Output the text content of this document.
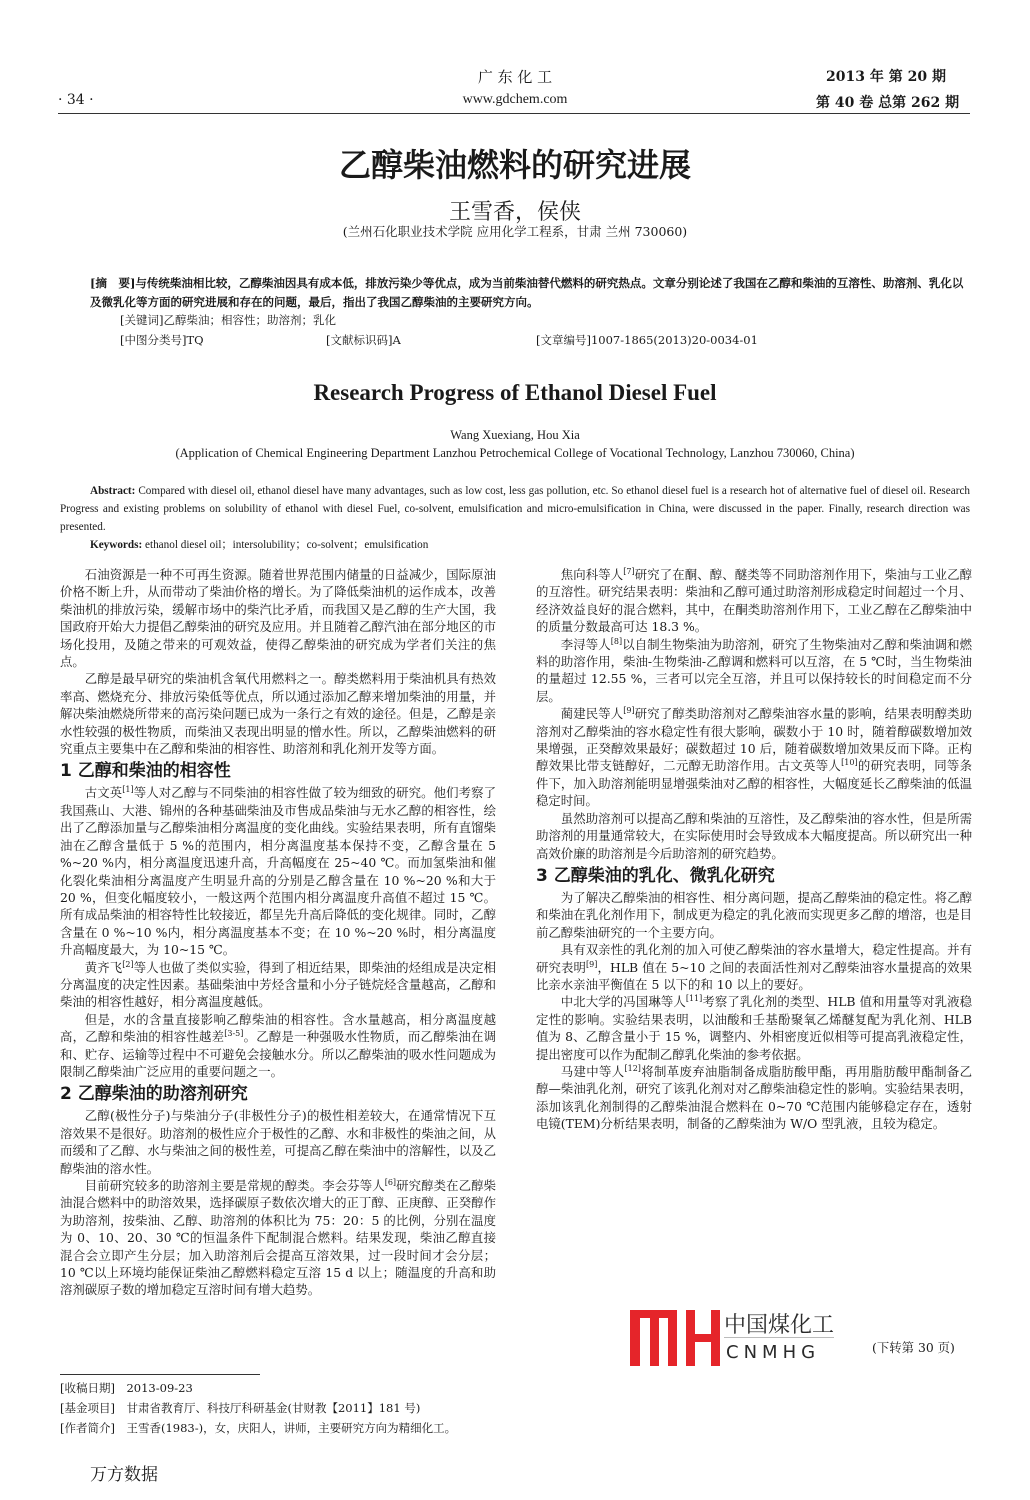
· 34 ·
广 东 化 工
www.gdchem.com
2013 年 第 20 期
第 40 卷 总第 262 期
乙醇柴油燃料的研究进展
王雪香，侯侠
(兰州石化职业技术学院 应用化学工程系，甘肃 兰州 730060)
[摘　要]与传统柴油相比较，乙醇柴油因具有成本低，排放污染少等优点，成为当前柴油替代燃料的研究热点。文章分别论述了我国在乙醇和柴油的互溶性、助溶剂、乳化以及微乳化等方面的研究进展和存在的问题，最后，指出了我国乙醇柴油的主要研究方向。
[关键词]乙醇柴油；相容性；助溶剂；乳化
[中图分类号]TQ	[文献标识码]A	[文章编号]1007-1865(2013)20-0034-01
Research Progress of Ethanol Diesel Fuel
Wang Xuexiang, Hou Xia
(Application of Chemical Engineering Department Lanzhou Petrochemical College of Vocational Technology, Lanzhou 730060, China)
Abstract: Compared with diesel oil, ethanol diesel have many advantages, such as low cost, less gas pollution, etc. So ethanol diesel fuel is a research hot of alternative fuel of diesel oil. Research Progress and existing problems on solubility of ethanol with diesel Fuel, co-solvent, emulsification and micro-emulsification in China, were discussed in the paper. Finally, research direction was presented.
Keywords: ethanol diesel oil；intersolubility；co-solvent；emulsification

石油资源是一种不可再生资源。随着世界范围内储量的日益减少，国际原油价格不断上升，从而带动了柴油价格的增长。为了降低柴油机的运作成本，改善柴油机的排放污染，缓解市场中的柴汽比矛盾，而我国又是乙醇的生产大国，我国政府开始大力提倡乙醇柴油的研究及应用。并且随着乙醇汽油在部分地区的市场化投用，及随之带来的可观效益，使得乙醇柴油的研究成为学者们关注的焦点。

乙醇是最早研究的柴油机含氧代用燃料之一。醇类燃料用于柴油机具有热效率高、燃烧充分、排放污染低等优点，所以通过添加乙醇来增加柴油的用量，并解决柴油燃烧所带来的高污染问题已成为一条行之有效的途径。但是，乙醇是亲水性较强的极性物质，而柴油又表现出明显的憎水性。所以，乙醇柴油燃料的研究重点主要集中在乙醇和柴油的相容性、助溶剂和乳化剂开发等方面。

1 乙醇和柴油的相容性

古文英[1]等人对乙醇与不同柴油的相容性做了较为细致的研究。他们考察了我国燕山、大港、锦州的各种基础柴油及市售成品柴油与无水乙醇的相容性，绘出了乙醇添加量与乙醇柴油相分离温度的变化曲线。实验结果表明，所有直馏柴油在乙醇含量低于 5 %的范围内，相分离温度基本保持不变，乙醇含量在 5 %~20 %内，相分离温度迅速升高，升高幅度在 25~40 ℃。而加氢柴油和催化裂化柴油相分离温度产生明显升高的分别是乙醇含量在 10 %~20 %和大于 20 %，但变化幅度较小，一般这两个范围内相分离温度升高值不超过 15 ℃。所有成品柴油的相容特性比较接近，都呈先升高后降低的变化规律。同时，乙醇含量在 0 %~10 %内，相分离温度基本不变；在 10 %~20 %时，相分离温度升高幅度最大，为 10~15 ℃。

黄齐飞[2]等人也做了类似实验，得到了相近结果，即柴油的烃组成是决定相分离温度的决定性因素。基础柴油中芳烃含量和小分子链烷烃含量越高，乙醇和柴油的相容性越好，相分离温度越低。

但是，水的含量直接影响乙醇柴油的相容性。含水量越高，相分离温度越高，乙醇和柴油的相容性越差[3-5]。乙醇是一种强吸水性物质，而乙醇柴油在调和、贮存、运输等过程中不可避免会接触水分。所以乙醇柴油的吸水性问题成为限制乙醇柴油广泛应用的重要问题之一。

2 乙醇柴油的助溶剂研究

乙醇(极性分子)与柴油分子(非极性分子)的极性相差较大，在通常情况下互溶效果不是很好。助溶剂的极性应介于极性的乙醇、水和非极性的柴油之间，从而缓和了乙醇、水与柴油之间的极性差，可提高乙醇在柴油中的溶解性，以及乙醇柴油的溶水性。

目前研究较多的助溶剂主要是常规的醇类。李会芬等人[6]研究醇类在乙醇柴油混合燃料中的助溶效果，选择碳原子数依次增大的正丁醇、正庚醇、正癸醇作为助溶剂，按柴油、乙醇、助溶剂的体积比为 75：20：5 的比例，分别在温度为 0、10、20、30 ℃的恒温条件下配制混合燃料。结果发现，柴油乙醇直接混合会立即产生分层；加入助溶剂后会提高互溶效果，过一段时间才会分层；10 ℃以上环境均能保证柴油乙醇燃料稳定互溶 15 d 以上；随温度的升高和助溶剂碳原子数的增加稳定互溶时间有增大趋势。

焦向科等人[7]研究了在酮、醇、醚类等不同助溶剂作用下，柴油与工业乙醇的互溶性。研究结果表明：柴油和乙醇可通过助溶剂形成稳定时间超过一个月、经济效益良好的混合燃料，其中，在酮类助溶剂作用下，工业乙醇在乙醇柴油中的质量分数最高可达 18.3 %。

李浔等人[8]以自制生物柴油为助溶剂，研究了生物柴油对乙醇和柴油调和燃料的助溶作用，柴油-生物柴油-乙醇调和燃料可以互溶，在 5 ℃时，当生物柴油的量超过 12.55 %，三者可以完全互溶，并且可以保持较长的时间稳定而不分层。

蔺建民等人[9]研究了醇类助溶剂对乙醇柴油容水量的影响，结果表明醇类助溶剂对乙醇柴油的容水稳定性有很大影响，碳数小于 10 时，随着醇碳数增加效果增强，正癸醇效果最好；碳数超过 10 后，随着碳数增加效果反而下降。正构醇效果比带支链醇好，二元醇无助溶作用。古文英等人[10]的研究表明，同等条件下，加入助溶剂能明显增强柴油对乙醇的相容性，大幅度延长乙醇柴油的低温稳定时间。

虽然助溶剂可以提高乙醇和柴油的互溶性，及乙醇柴油的容水性，但是所需助溶剂的用量通常较大，在实际使用时会导致成本大幅度提高。所以研究出一种高效价廉的助溶剂是今后助溶剂的研究趋势。

3 乙醇柴油的乳化、微乳化研究

为了解决乙醇柴油的相容性、相分离问题，提高乙醇柴油的稳定性。将乙醇和柴油在乳化剂作用下，制成更为稳定的乳化液而实现更多乙醇的增溶，也是目前乙醇柴油研究的一个主要方向。

具有双亲性的乳化剂的加入可使乙醇柴油的容水量增大，稳定性提高。并有研究表明[9]，HLB 值在 5~10 之间的表面活性剂对乙醇柴油容水量提高的效果比亲水亲油平衡值在 5 以下的和 10 以上的要好。

中北大学的冯国琳等人[11]考察了乳化剂的类型、HLB 值和用量等对乳液稳定性的影响。实验结果表明，以油酸和壬基酚聚氧乙烯醚复配为乳化剂、HLB 值为 8、乙醇含量小于 15 %，调整内、外相密度近似相等可提高乳液稳定性，提出密度可以作为配制乙醇乳化柴油的参考依据。

马建中等人[12]将制革废弃油脂制备成脂肪酸甲酯，再用脂肪酸甲酯制备乙醇—柴油乳化剂，研究了该乳化剂对对乙醇柴油稳定性的影响。实验结果表明，添加该乳化剂制得的乙醇柴油混合燃料在 0~70 ℃范围内能够稳定存在，透射电镜(TEM)分析结果表明，制备的乙醇柴油为 W/O 型乳液，且较为稳定。

中国煤化工
CNMHG	(下转第 30 页)
[收稿日期]　2013-09-23
[基金项目]　甘肃省教育厅、科技厅科研基金(甘财教【2011】181 号)
[作者简介]　王雪香(1983-)，女，庆阳人，讲师，主要研究方向为精细化工。
万方数据
